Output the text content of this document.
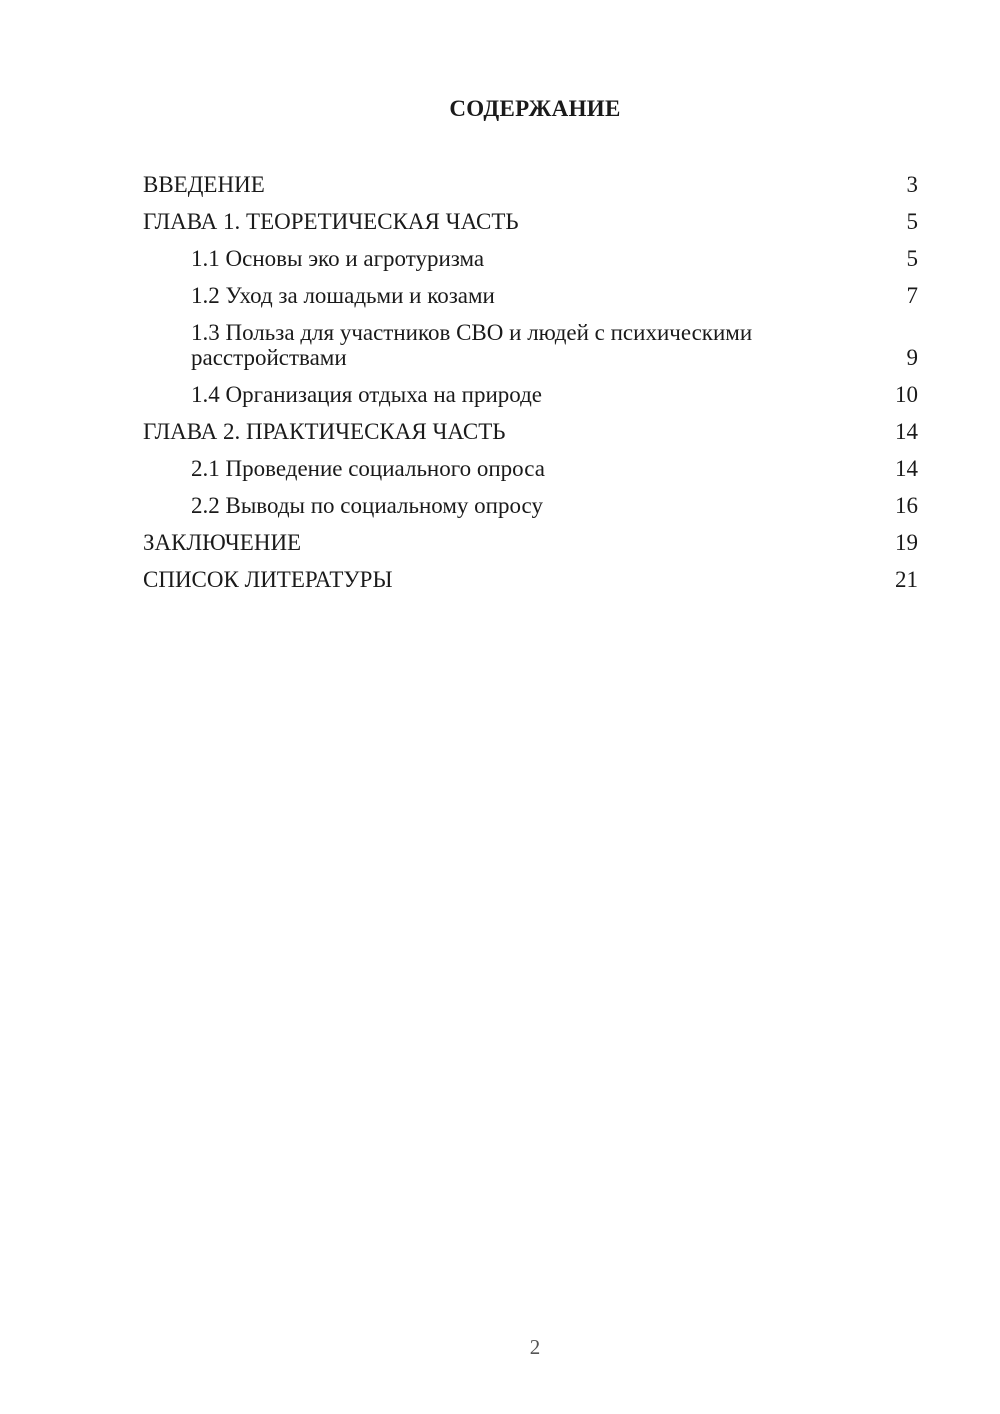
СОДЕРЖАНИЕ
ВВЕДЕНИЕ	3
ГЛАВА 1. ТЕОРЕТИЧЕСКАЯ ЧАСТЬ	5
1.1 Основы эко и агротуризма	5
1.2 Уход за лошадьми и козами	7
1.3 Польза для участников СВО и людей с психическими расстройствами	9
1.4 Организация отдыха на природе	10
ГЛАВА 2. ПРАКТИЧЕСКАЯ ЧАСТЬ	14
2.1 Проведение социального опроса	14
2.2 Выводы по социальному опросу	16
ЗАКЛЮЧЕНИЕ	19
СПИСОК ЛИТЕРАТУРЫ	21
2
